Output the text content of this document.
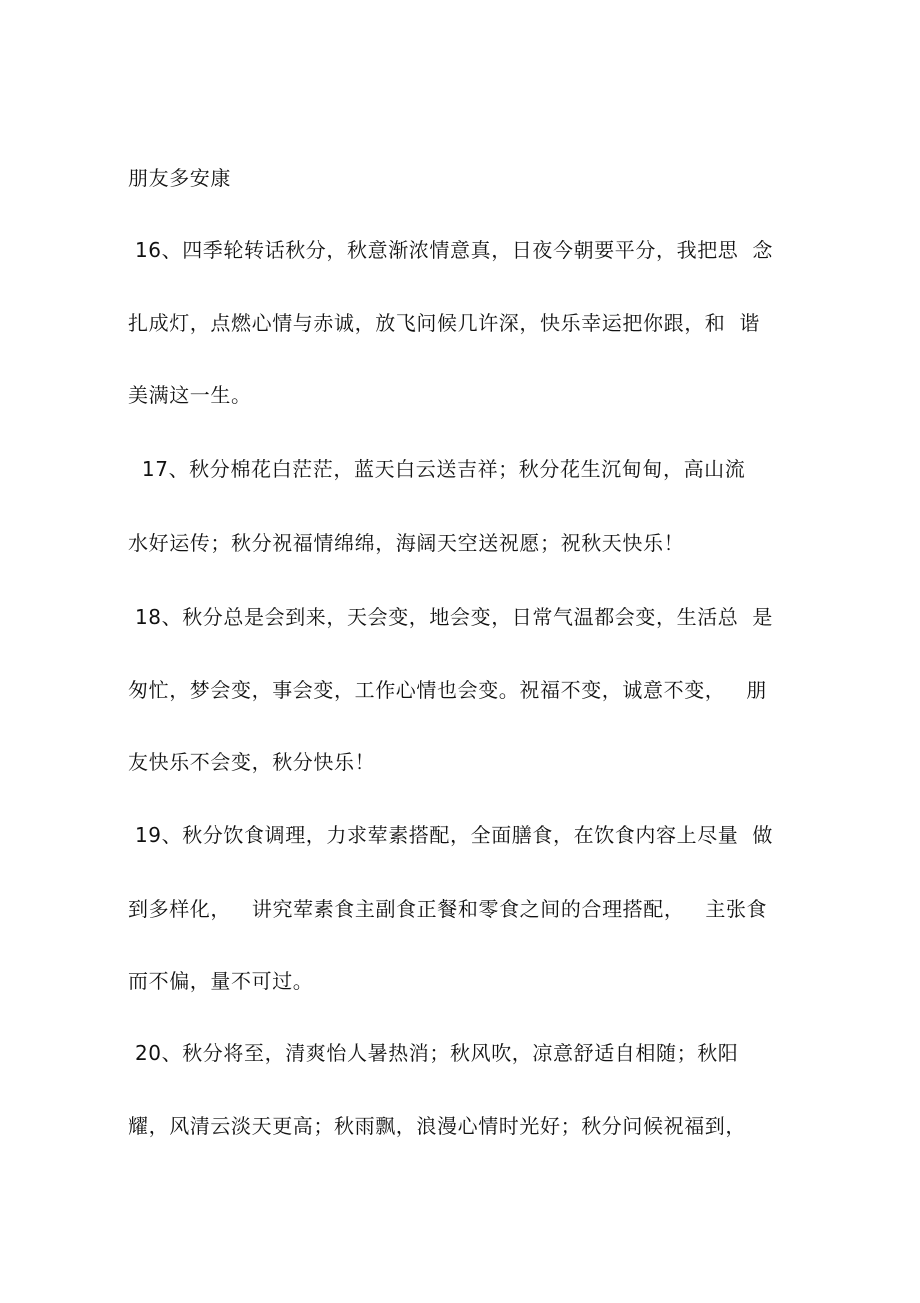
朋友多安康
16、四季轮转话秋分，秋意渐浓情意真，日夜今朝要平分，我把思  念
扎成灯，点燃心情与赤诚，放飞问候几许深，快乐幸运把你跟，和  谐
美满这一生。
17、秋分棉花白茫茫，蓝天白云送吉祥；秋分花生沉甸甸，高山流
水好运传；秋分祝福情绵绵，海阔天空送祝愿；祝秋天快乐！
18、秋分总是会到来，天会变，地会变，日常气温都会变，生活总  是
匆忙，梦会变，事会变，工作心情也会变。祝福不变，诚意不变，   朋
友快乐不会变，秋分快乐！
19、秋分饮食调理，力求荤素搭配，全面膳食，在饮食内容上尽量  做
到多样化，   讲究荤素食主副食正餐和零食之间的合理搭配，   主张食
而不偏，量不可过。
20、秋分将至，清爽怡人暑热消；秋风吹，凉意舒适自相随；秋阳
耀，风清云淡天更高；秋雨飘，浪漫心情时光好；秋分问候祝福到，
